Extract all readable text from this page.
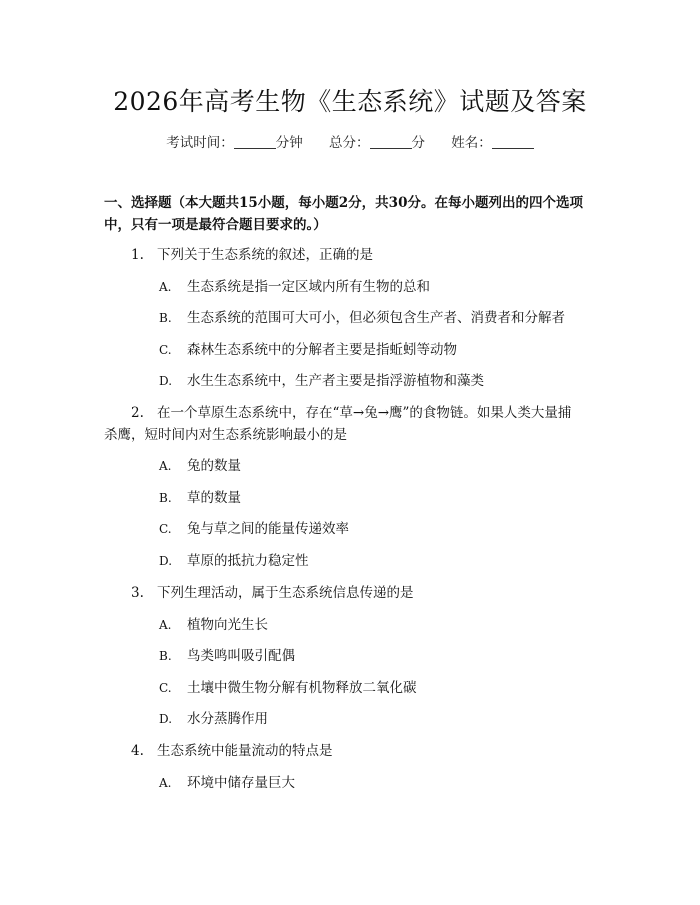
2026年高考生物《生态系统》试题及答案
考试时间：	分钟 总分：	分 姓名：
一、选择题（本大题共15小题，每小题2分，共30分。在每小题列出的四个选项中，只有一项是最符合题目要求的。）
1. 下列关于生态系统的叙述，正确的是
A. 生态系统是指一定区域内所有生物的总和
B. 生态系统的范围可大可小，但必须包含生产者、消费者和分解者
C. 森林生态系统中的分解者主要是指蚯蚓等动物
D. 水生生态系统中，生产者主要是指浮游植物和藻类
2. 在一个草原生态系统中，存在“草→兔→鹰”的食物链。如果人类大量捕
杀鹰，短时间内对生态系统影响最小的是
A. 兔的数量
B. 草的数量
C. 兔与草之间的能量传递效率
D. 草原的抵抗力稳定性
3. 下列生理活动，属于生态系统信息传递的是
A. 植物向光生长
B. 鸟类鸣叫吸引配偶
C. 土壤中微生物分解有机物释放二氧化碳
D. 水分蒸腾作用
4. 生态系统中能量流动的特点是
A. 环境中储存量巨大
